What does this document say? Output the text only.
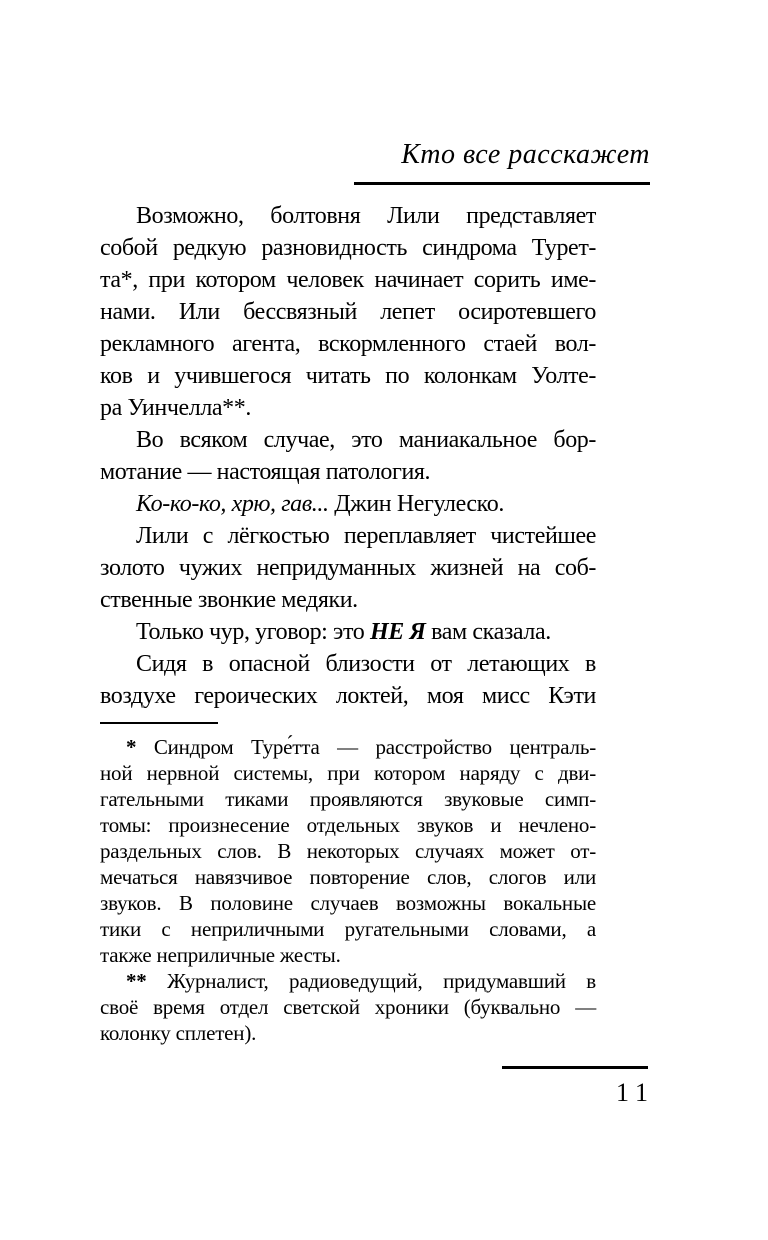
Кто все расскажет
Возможно, болтовня Лили представляет
собой редкую разновидность синдрома Турет-
та*, при котором человек начинает сорить име-
нами. Или бессвязный лепет осиротевшего
рекламного агента, вскормленного стаей вол-
ков и учившегося читать по колонкам Уолте-
ра Уинчелла**.
Во всяком случае, это маниакальное бор-
мотание — настоящая патология.
Ко-ко-ко, хрю, гав... Джин Негулеско.
Лили с лёгкостью переплавляет чистейшее
золото чужих непридуманных жизней на соб-
ственные звонкие медяки.
Только чур, уговор: это НЕ Я вам сказала.
Сидя в опасной близости от летающих в
воздухе героических локтей, моя мисс Кэти
* Синдром Туре́тта — расстройство централь-
ной нервной системы, при котором наряду с дви-
гательными тиками проявляются звуковые симп-
томы: произнесение отдельных звуков и нечлено-
раздельных слов. В некоторых случаях может от-
мечаться навязчивое повторение слов, слогов или
звуков. В половине случаев возможны вокальные
тики с неприличными ругательными словами, а
также неприличные жесты.
** Журналист, радиоведущий, придумавший в
своё время отдел светской хроники (буквально —
колонку сплетен).
11
